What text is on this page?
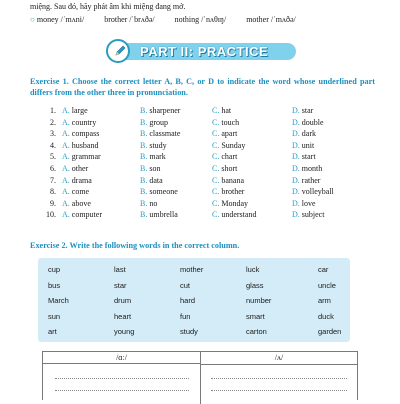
miệng. Sau đó, hãy phát âm khi miệng đang mở.
○ money /ˈmʌni/	brother /ˈbrʌðə/	nothing /ˈnʌθɪŋ/	mother /ˈmʌðə/
PART II: PRACTICE
Exercise 1. Choose the correct letter A, B, C, or D to indicate the word whose underlined part differs from the other three in pronunciation.
Exercise 2. Write the following words in the correct column.
cup	last	mother	luck	car
bus	star	cut	glass	uncle
March	drum	hard	number	arm
sun	heart	fun	smart	duck
art	young	study	carton	garden
/ɑː/	/ʌ/
1. A. large	B. sharpener	C. hat	D. star
2. A. country	B. group	C. touch	D. double
3. A. compass	B. classmate	C. apart	D. dark
4. A. husband	B. study	C. Sunday	D. unit
5. A. grammar	B. mark	C. chart	D. start
6. A. other	B. son	C. short	D. month
7. A. drama	B. data	C. banana	D. rather
8. A. come	B. someone	C. brother	D. volleyball
9. A. above	B. no	C. Monday	D. love
10. A. computer	B. umbrella	C. understand	D. subject
